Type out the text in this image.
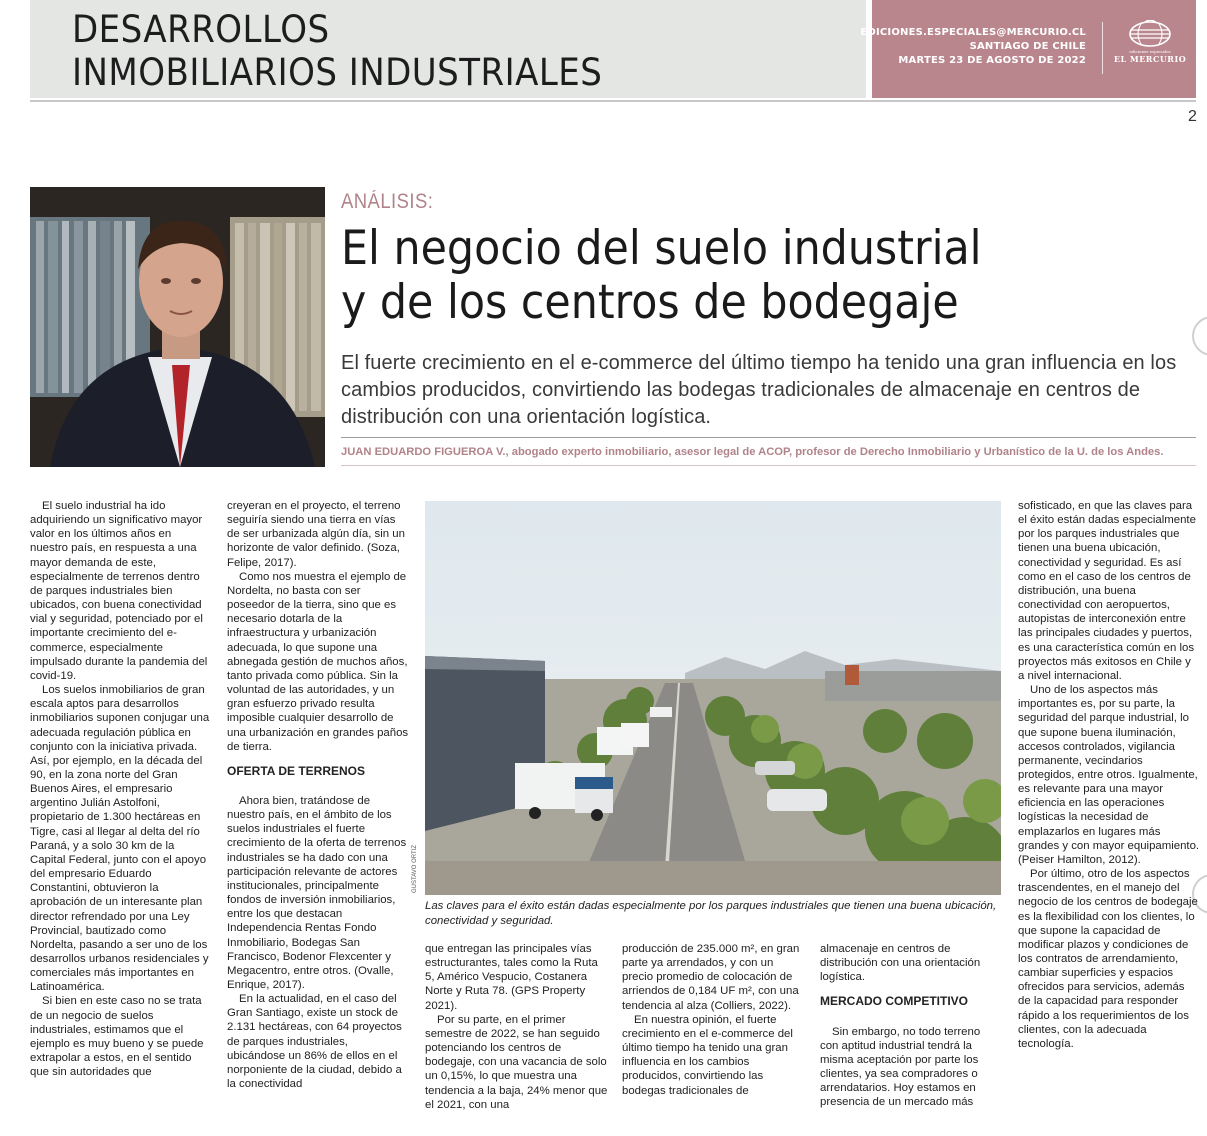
DESARROLLOS
INMOBILIARIOS INDUSTRIALES
EDICIONES.ESPECIALES@MERCURIO.CL
SANTIAGO DE CHILE
MARTES 23 DE AGOSTO DE 2022
ediciones especiales
EL MERCURIO
2
ANÁLISIS:
El negocio del suelo industrial
y de los centros de bodegaje
El fuerte crecimiento en el e-commerce del último tiempo ha tenido una gran influencia en los cambios producidos, convirtiendo las bodegas tradicionales de almacenaje en centros de distribución con una orientación logística.
JUAN EDUARDO FIGUEROA V., abogado experto inmobiliario, asesor legal de ACOP, profesor de Derecho Inmobiliario y Urbanístico de la U. de los Andes.

El suelo industrial ha ido adquiriendo un significativo mayor valor en los últimos años en nuestro país, en respuesta a una mayor demanda de este, especialmente de terrenos dentro de parques industriales bien ubicados, con buena conectividad vial y seguridad, potenciado por el importante crecimiento del e-commerce, especialmente impulsado durante la pandemia del covid-19.

Los suelos inmobiliarios de gran escala aptos para desarrollos inmobiliarios suponen conjugar una adecuada regulación pública en conjunto con la iniciativa privada. Así, por ejemplo, en la década del 90, en la zona norte del Gran Buenos Aires, el empresario argentino Julián Astolfoni, propietario de 1.300 hectáreas en Tigre, casi al llegar al delta del río Paraná, y a solo 30 km de la Capital Federal, junto con el apoyo del empresario Eduardo Constantini, obtuvieron la aprobación de un interesante plan director refrendado por una Ley Provincial, bautizado como Nordelta, pasando a ser uno de los desarrollos urbanos residenciales y comerciales más importantes en Latinoamérica.

Si bien en este caso no se trata de un negocio de suelos industriales, estimamos que el ejemplo es muy bueno y se puede extrapolar a estos, en el sentido que sin autoridades que

creyeran en el proyecto, el terreno seguiría siendo una tierra en vías de ser urbanizada algún día, sin un horizonte de valor definido. (Soza, Felipe, 2017).

Como nos muestra el ejemplo de Nordelta, no basta con ser poseedor de la tierra, sino que es necesario dotarla de la infraestructura y urbanización adecuada, lo que supone una abnegada gestión de muchos años, tanto privada como pública. Sin la voluntad de las autoridades, y un gran esfuerzo privado resulta imposible cualquier desarrollo de una urbanización en grandes paños de tierra.

OFERTA DE TERRENOS

Ahora bien, tratándose de nuestro país, en el ámbito de los suelos industriales el fuerte crecimiento de la oferta de terrenos industriales se ha dado con una participación relevante de actores institucionales, principalmente fondos de inversión inmobiliarios, entre los que destacan Independencia Rentas Fondo Inmobiliario, Bodegas San Francisco, Bodenor Flexcenter y Megacentro, entre otros. (Ovalle, Enrique, 2017).

En la actualidad, en el caso del Gran Santiago, existe un stock de 2.131 hectáreas, con 64 proyectos de parques industriales, ubicándose un 86% de ellos en el norponiente de la ciudad, debido a la conectividad

GUSTAVO ORTIZ
Las claves para el éxito están dadas especialmente por los parques industriales que tienen una buena ubicación, conectividad y seguridad.

que entregan las principales vías estructurantes, tales como la Ruta 5, Américo Vespucio, Costanera Norte y Ruta 78. (GPS Property 2021).

Por su parte, en el primer semestre de 2022, se han seguido potenciando los centros de bodegaje, con una vacancia de solo un 0,15%, lo que muestra una tendencia a la baja, 24% menor que el 2021, con una

producción de 235.000 m², en gran parte ya arrendados, y con un precio promedio de colocación de arriendos de 0,184 UF m², con una tendencia al alza (Colliers, 2022).

En nuestra opinión, el fuerte crecimiento en el e-commerce del último tiempo ha tenido una gran influencia en los cambios producidos, convirtiendo las bodegas tradicionales de

almacenaje en centros de distribución con una orientación logística.

MERCADO COMPETITIVO

Sin embargo, no todo terreno con aptitud industrial tendrá la misma aceptación por parte los clientes, ya sea compradores o arrendatarios. Hoy estamos en presencia de un mercado más

sofisticado, en que las claves para el éxito están dadas especialmente por los parques industriales que tienen una buena ubicación, conectividad y seguridad. Es así como en el caso de los centros de distribución, una buena conectividad con aeropuertos, autopistas de interconexión entre las principales ciudades y puertos, es una característica común en los proyectos más exitosos en Chile y a nivel internacional.

Uno de los aspectos más importantes es, por su parte, la seguridad del parque industrial, lo que supone buena iluminación, accesos controlados, vigilancia permanente, vecindarios protegidos, entre otros. Igualmente, es relevante para una mayor eficiencia en las operaciones logísticas la necesidad de emplazarlos en lugares más grandes y con mayor equipamiento. (Peiser Hamilton, 2012).

Por último, otro de los aspectos trascendentes, en el manejo del negocio de los centros de bodegaje es la flexibilidad con los clientes, lo que supone la capacidad de modificar plazos y condiciones de los contratos de arrendamiento, cambiar superficies y espacios ofrecidos para servicios, además de la capacidad para responder rápido a los requerimientos de los clientes, con la adecuada tecnología.
